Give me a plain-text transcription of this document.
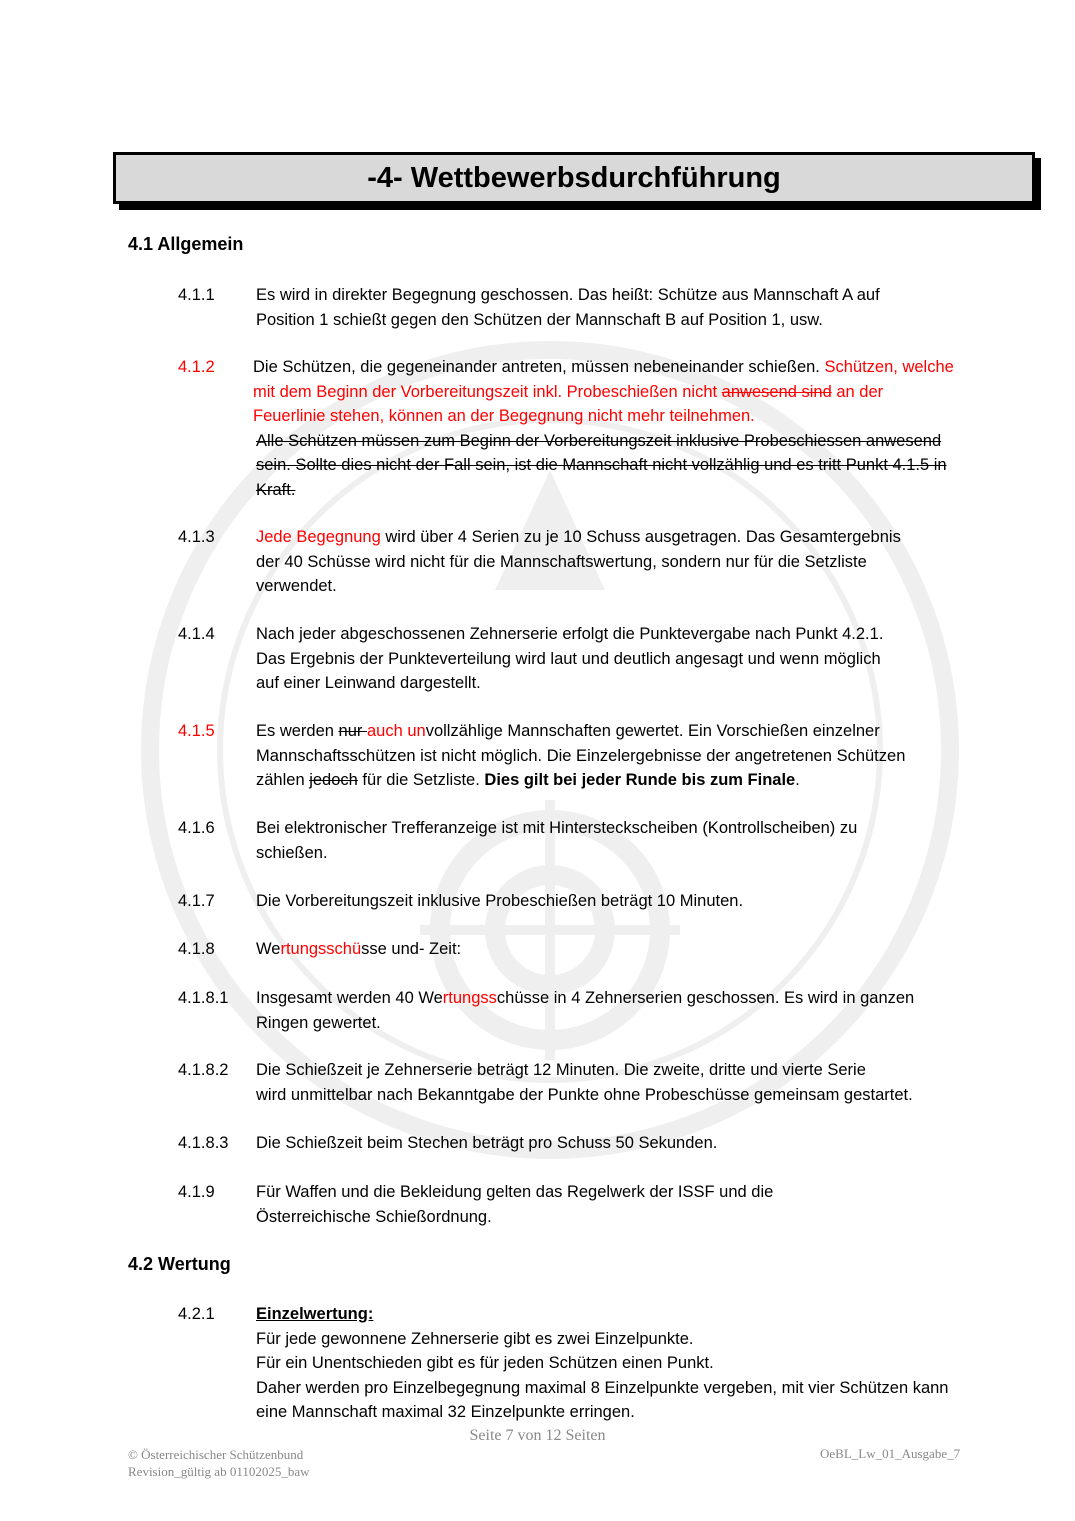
-4- Wettbewerbsdurchführung
4.1 Allgemein
4.1.1	Es wird in direkter Begegnung geschossen. Das heißt: Schütze aus Mannschaft A auf
Position 1 schießt gegen den Schützen der Mannschaft B auf Position 1, usw.
4.1.2 Die Schützen, die gegeneinander antreten, müssen nebeneinander schießen. Schützen, welche
mit dem Beginn der Vorbereitungszeit inkl. Probeschießen nicht anwesend sind an der
Feuerlinie stehen, können an der Begegnung nicht mehr teilnehmen.
Alle Schützen müssen zum Beginn der Vorbereitungszeit inklusive Probeschiessen anwesend
sein. Sollte dies nicht der Fall sein, ist die Mannschaft nicht vollzählig und es tritt Punkt 4.1.5 in
Kraft.
4.1.3	Jede Begegnung wird über 4 Serien zu je 10 Schuss ausgetragen. Das Gesamtergebnis
der 40 Schüsse wird nicht für die Mannschaftswertung, sondern nur für die Setzliste
verwendet.
4.1.4	Nach jeder abgeschossenen Zehnerserie erfolgt die Punktevergabe nach Punkt 4.2.1.
Das Ergebnis der Punkteverteilung wird laut und deutlich angesagt und wenn möglich
auf einer Leinwand dargestellt.
4.1.5	Es werden nur auch unvollzählige Mannschaften gewertet. Ein Vorschießen einzelner
Mannschaftsschützen ist nicht möglich. Die Einzelergebnisse der angetretenen Schützen
zählen jedoch für die Setzliste. Dies gilt bei jeder Runde bis zum Finale.
4.1.6	Bei elektronischer Trefferanzeige ist mit Hintersteckscheiben (Kontrollscheiben) zu
schießen.
4.1.7	Die Vorbereitungszeit inklusive Probeschießen beträgt 10 Minuten.
4.1.8	Wertungsschüsse und- Zeit:
4.1.8.1 Insgesamt werden 40 Wertungsschüsse in 4 Zehnerserien geschossen. Es wird in ganzen
Ringen gewertet.
4.1.8.2 Die Schießzeit je Zehnerserie beträgt 12 Minuten. Die zweite, dritte und vierte Serie
wird unmittelbar nach Bekanntgabe der Punkte ohne Probeschüsse gemeinsam gestartet.
4.1.8.3 Die Schießzeit beim Stechen beträgt pro Schuss 50 Sekunden.
4.1.9	Für Waffen und die Bekleidung gelten das Regelwerk der ISSF und die
Österreichische Schießordnung.
4.2 Wertung
4.2.1	Einzelwertung:
Für jede gewonnene Zehnerserie gibt es zwei Einzelpunkte.
Für ein Unentschieden gibt es für jeden Schützen einen Punkt.
Daher werden pro Einzelbegegnung maximal 8 Einzelpunkte vergeben, mit vier Schützen kann
eine Mannschaft maximal 32 Einzelpunkte erringen.
Seite 7 von 12 Seiten
© Österreichischer Schützenbund
Revision_gültig ab 01102025_baw
OeBL_Lw_01_Ausgabe_7
